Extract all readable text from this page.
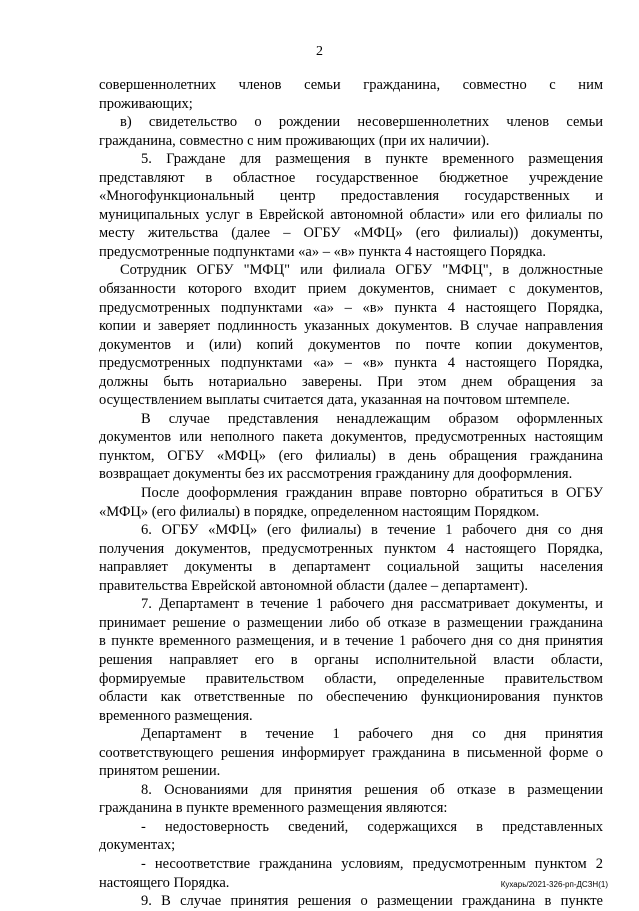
2
совершеннолетних членов семьи гражданина, совместно с ним
проживающих;
в) свидетельство о рождении несовершеннолетних членов семьи
гражданина, совместно с ним проживающих (при их наличии).
5. Граждане для размещения в пункте временного размещения
представляют в областное государственное бюджетное учреждение
«Многофункциональный центр предоставления государственных и
муниципальных услуг в Еврейской автономной области» или его филиалы по
месту жительства (далее – ОГБУ «МФЦ» (его филиалы)) документы,
предусмотренные подпунктами «а» – «в» пункта 4 настоящего Порядка.
Сотрудник ОГБУ "МФЦ" или филиала ОГБУ "МФЦ", в должностные
обязанности которого входит прием документов, снимает с документов,
предусмотренных подпунктами «а» – «в» пункта 4 настоящего Порядка,
копии и заверяет подлинность указанных документов. В случае направления
документов и (или) копий документов по почте копии документов,
предусмотренных подпунктами «а» – «в» пункта 4 настоящего Порядка,
должны быть нотариально заверены. При этом днем обращения за
осуществлением выплаты считается дата, указанная на почтовом штемпеле.
В случае представления ненадлежащим образом оформленных
документов или неполного пакета документов, предусмотренных настоящим
пунктом, ОГБУ «МФЦ» (его филиалы) в день обращения гражданина
возвращает документы без их рассмотрения гражданину для дооформления.
После дооформления гражданин вправе повторно обратиться в ОГБУ
«МФЦ» (его филиалы) в порядке, определенном настоящим Порядком.
6. ОГБУ «МФЦ» (его филиалы) в течение 1 рабочего дня со дня
получения документов, предусмотренных пунктом 4 настоящего Порядка,
направляет документы в департамент социальной защиты населения
правительства Еврейской автономной области (далее – департамент).
7. Департамент в течение 1 рабочего дня рассматривает документы, и
принимает решение о размещении либо об отказе в размещении гражданина
в пункте временного размещения, и в течение 1 рабочего дня со дня принятия
решения направляет его в органы исполнительной власти области,
формируемые правительством области, определенные правительством
области как ответственные по обеспечению функционирования пунктов
временного размещения.
Департамент в течение 1 рабочего дня со дня принятия
соответствующего решения информирует гражданина в письменной форме о
принятом решении.
8. Основаниями для принятия решения об отказе в размещении
гражданина в пункте временного размещения являются:
- недостоверность сведений, содержащихся в представленных
документах;
- несоответствие гражданина условиям, предусмотренным пунктом 2
настоящего Порядка.
9. В случае принятия решения о размещении гражданина в пункте
Кухарь/2021-326-рп-ДСЗН(1)
